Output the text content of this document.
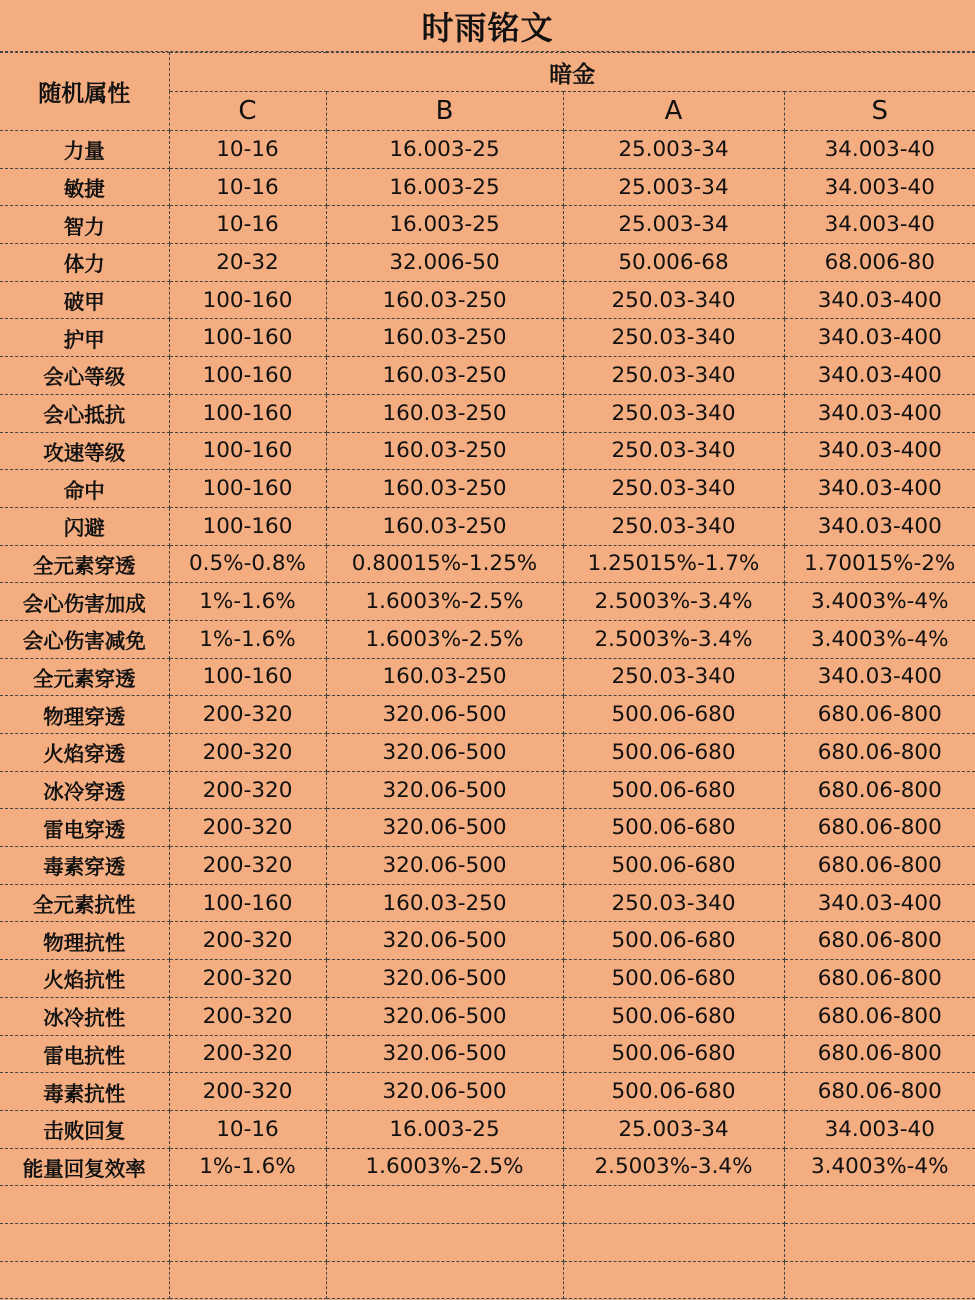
时雨铭文
随机属性	暗金			
	C	B	A	S
力量	10-16	16.003-25	25.003-34	34.003-40
敏捷	10-16	16.003-25	25.003-34	34.003-40
智力	10-16	16.003-25	25.003-34	34.003-40
体力	20-32	32.006-50	50.006-68	68.006-80
破甲	100-160	160.03-250	250.03-340	340.03-400
护甲	100-160	160.03-250	250.03-340	340.03-400
会心等级	100-160	160.03-250	250.03-340	340.03-400
会心抵抗	100-160	160.03-250	250.03-340	340.03-400
攻速等级	100-160	160.03-250	250.03-340	340.03-400
命中	100-160	160.03-250	250.03-340	340.03-400
闪避	100-160	160.03-250	250.03-340	340.03-400
全元素穿透	0.5%-0.8%	0.80015%-1.25%	1.25015%-1.7%	1.70015%-2%
会心伤害加成	1%-1.6%	1.6003%-2.5%	2.5003%-3.4%	3.4003%-4%
会心伤害减免	1%-1.6%	1.6003%-2.5%	2.5003%-3.4%	3.4003%-4%
全元素穿透	100-160	160.03-250	250.03-340	340.03-400
物理穿透	200-320	320.06-500	500.06-680	680.06-800
火焰穿透	200-320	320.06-500	500.06-680	680.06-800
冰冷穿透	200-320	320.06-500	500.06-680	680.06-800
雷电穿透	200-320	320.06-500	500.06-680	680.06-800
毒素穿透	200-320	320.06-500	500.06-680	680.06-800
全元素抗性	100-160	160.03-250	250.03-340	340.03-400
物理抗性	200-320	320.06-500	500.06-680	680.06-800
火焰抗性	200-320	320.06-500	500.06-680	680.06-800
冰冷抗性	200-320	320.06-500	500.06-680	680.06-800
雷电抗性	200-320	320.06-500	500.06-680	680.06-800
毒素抗性	200-320	320.06-500	500.06-680	680.06-800
击败回复	10-16	16.003-25	25.003-34	34.003-40
能量回复效率	1%-1.6%	1.6003%-2.5%	2.5003%-3.4%	3.4003%-4%
